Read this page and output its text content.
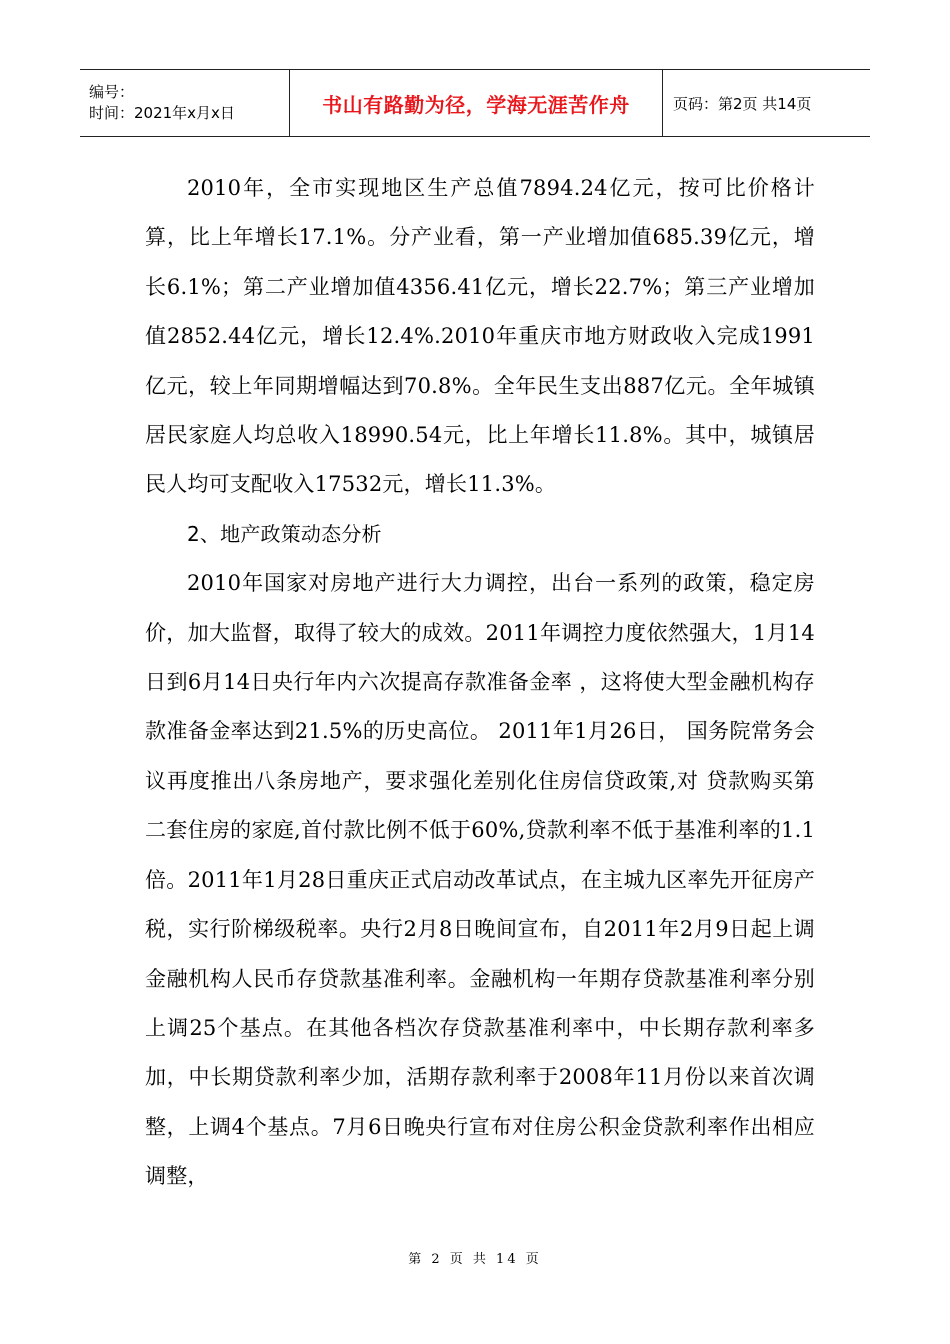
编号：
时间：2021年x月x日	书山有路勤为径，学海无涯苦作舟	页码：第2页 共14页

2010年，全市实现地区生产总值7894.24亿元，按可比价格计算，比上年增长17.1%。分产业看，第一产业增加值685.39亿元，增长6.1%；第二产业增加值4356.41亿元，增长22.7%；第三产业增加值2852.44亿元，增长12.4%.2010年重庆市地方财政收入完成1991亿元，较上年同期增幅达到70.8%。全年民生支出887亿元。全年城镇居民家庭人均总收入18990.54元，比上年增长11.8%。其中，城镇居民人均可支配收入17532元，增长11.3%。

2、地产政策动态分析

2010年国家对房地产进行大力调控，出台一系列的政策，稳定房价，加大监督，取得了较大的成效。2011年调控力度依然强大，1月14日到6月14日央行年内六次提高存款准备金率 ，这将使大型金融机构存款准备金率达到21.5%的历史高位。 2011年1月26日， 国务院常务会议再度推出八条房地产，要求强化差别化住房信贷政策,对 贷款购买第二套住房的家庭,首付款比例不低于60%,贷款利率不低于基准利率的1.1倍。2011年1月28日重庆正式启动改革试点，在主城九区率先开征房产税，实行阶梯级税率。央行2月8日晚间宣布，自2011年2月9日起上调金融机构人民币存贷款基准利率。金融机构一年期存贷款基准利率分别上调25个基点。在其他各档次存贷款基准利率中，中长期存款利率多加，中长期贷款利率少加，活期存款利率于2008年11月份以来首次调整，上调4个基点。7月6日晚央行宣布对住房公积金贷款利率作出相应调整，

第 2 页 共 14 页
